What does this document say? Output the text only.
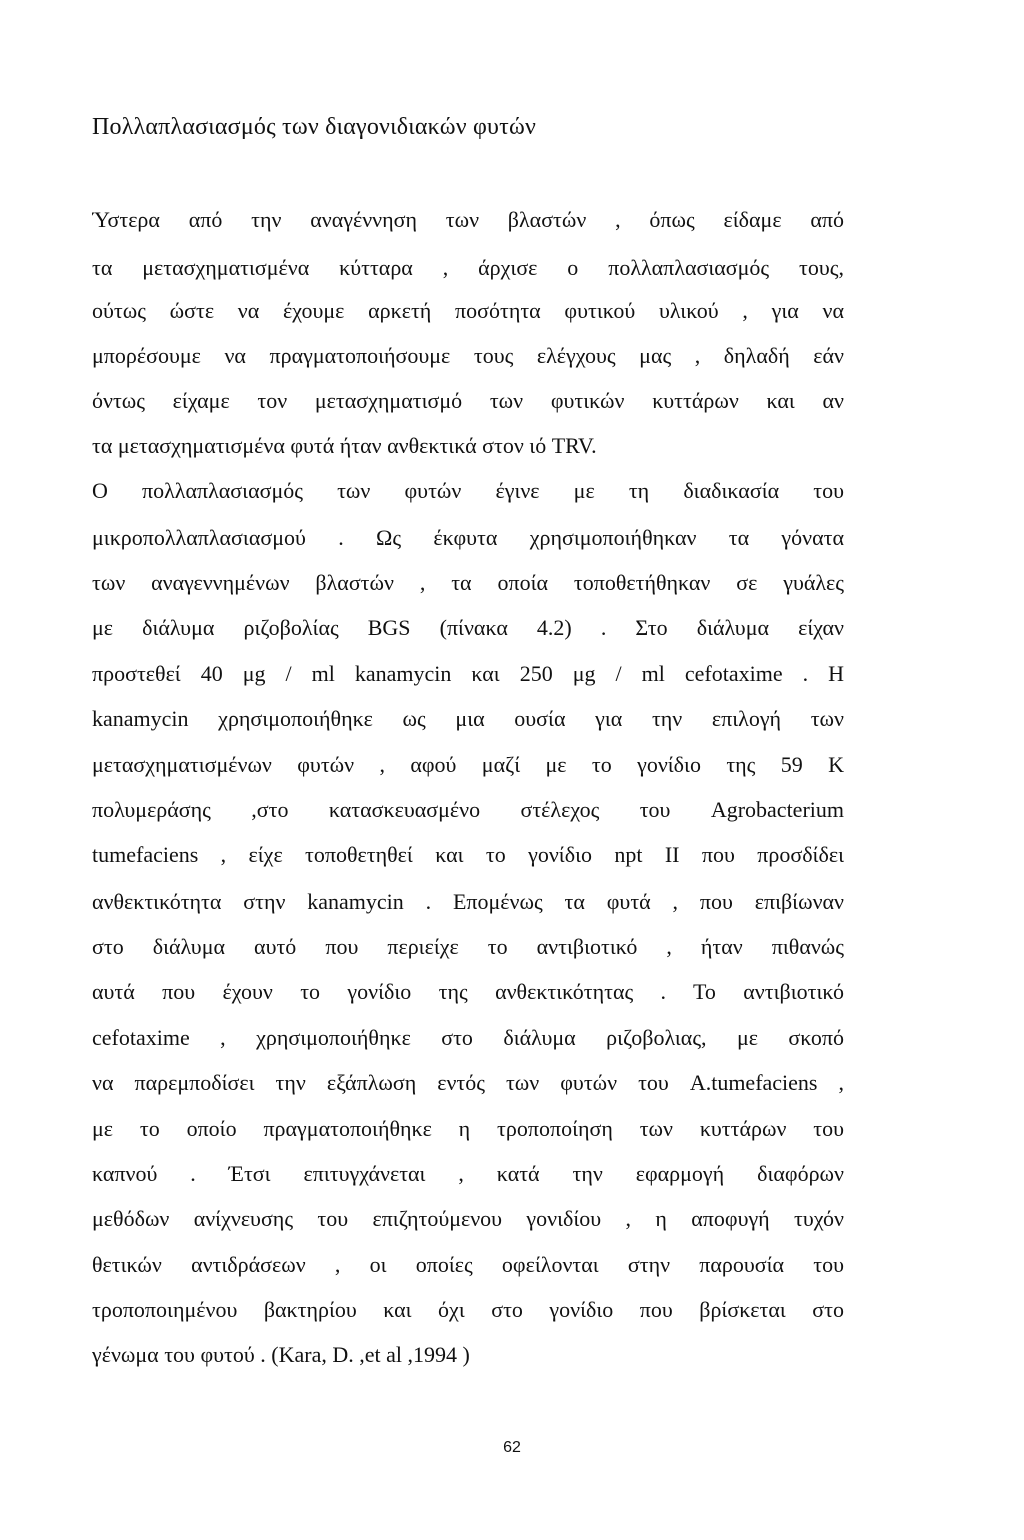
Πολλαπλασιασμός των διαγονιδιακών φυτών
Ύστερα από την αναγέννηση των βλαστών , όπως είδαμε από
τα μετασχηματισμένα κύτταρα , άρχισε ο πολλαπλασιασμός τους,
ούτως ώστε να έχουμε αρκετή ποσότητα φυτικού υλικού , για να
μπορέσουμε να πραγματοποιήσουμε τους ελέγχους μας , δηλαδή εάν
όντως είχαμε τον μετασχηματισμό των φυτικών κυττάρων και αν
τα μετασχηματισμένα φυτά ήταν ανθεκτικά στον ιό TRV.
Ο πολλαπλασιασμός των φυτών έγινε με τη διαδικασία του
μικροπολλαπλασιασμού . Ως έκφυτα χρησιμοποιήθηκαν τα γόνατα
των αναγεννημένων βλαστών , τα οποία τοποθετήθηκαν σε γυάλες
με διάλυμα ριζοβολίας BGS (πίνακα 4.2) . Στο διάλυμα είχαν
προστεθεί 40 μg / ml kanamycin και 250 μg / ml cefotaxime . Η
kanamycin χρησιμοποιήθηκε ως μια ουσία για την επιλογή των
μετασχηματισμένων φυτών , αφού μαζί με το γονίδιο της 59 Κ
πολυμεράσης ,στο κατασκευασμένο στέλεχος του Agrobacterium
tumefaciens , είχε τοποθετηθεί και το γονίδιο npt II που προσδίδει
ανθεκτικότητα στην kanamycin . Επομένως τα φυτά , που επιβίωναν
στο διάλυμα αυτό που περιείχε το αντιβιοτικό , ήταν πιθανώς
αυτά που έχουν το γονίδιο της ανθεκτικότητας . Το αντιβιοτικό
cefotaxime , χρησιμοποιήθηκε στο διάλυμα ριζοβολιας, με σκοπό
να παρεμποδίσει την εξάπλωση εντός των φυτών του A.tumefaciens ,
με το οποίο πραγματοποιήθηκε η τροποποίηση των κυττάρων του
καπνού . Έτσι επιτυγχάνεται , κατά την εφαρμογή διαφόρων
μεθόδων ανίχνευσης του επιζητούμενου γονιδίου , η αποφυγή τυχόν
θετικών αντιδράσεων , οι οποίες οφείλονται στην παρουσία του
τροποποιημένου βακτηρίου και όχι στο γονίδιο που βρίσκεται στο
γένωμα του φυτού . (Kara, D. ,et al ,1994 )
62
